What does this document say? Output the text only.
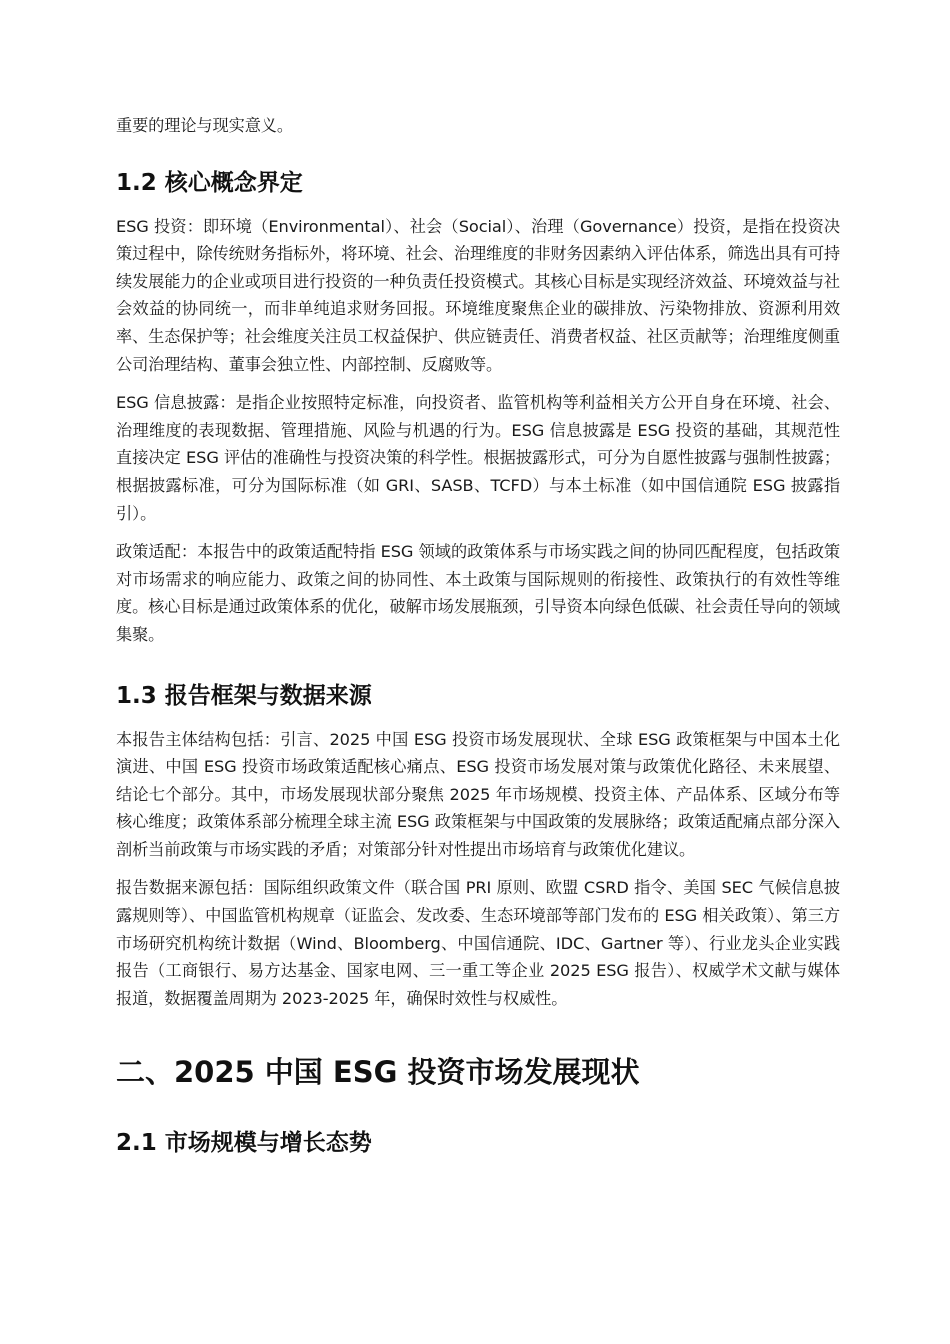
重要的理论与现实意义。

1.2 核心概念界定

ESG 投资：即环境（Environmental）、社会（Social）、治理（Governance）投资，是指在投资决策过程中，除传统财务指标外，将环境、社会、治理维度的非财务因素纳入评估体系，筛选出具有可持续发展能力的企业或项目进行投资的一种负责任投资模式。其核心目标是实现经济效益、环境效益与社会效益的协同统一，而非单纯追求财务回报。环境维度聚焦企业的碳排放、污染物排放、资源利用效率、生态保护等；社会维度关注员工权益保护、供应链责任、消费者权益、社区贡献等；治理维度侧重公司治理结构、董事会独立性、内部控制、反腐败等。

ESG 信息披露：是指企业按照特定标准，向投资者、监管机构等利益相关方公开自身在环境、社会、治理维度的表现数据、管理措施、风险与机遇的行为。ESG 信息披露是 ESG 投资的基础，其规范性直接决定 ESG 评估的准确性与投资决策的科学性。根据披露形式，可分为自愿性披露与强制性披露；根据披露标准，可分为国际标准（如 GRI、SASB、TCFD）与本土标准（如中国信通院 ESG 披露指引）。

政策适配：本报告中的政策适配特指 ESG 领域的政策体系与市场实践之间的协同匹配程度，包括政策对市场需求的响应能力、政策之间的协同性、本土政策与国际规则的衔接性、政策执行的有效性等维度。核心目标是通过政策体系的优化，破解市场发展瓶颈，引导资本向绿色低碳、社会责任导向的领域集聚。

1.3 报告框架与数据来源

本报告主体结构包括：引言、2025 中国 ESG 投资市场发展现状、全球 ESG 政策框架与中国本土化演进、中国 ESG 投资市场政策适配核心痛点、ESG 投资市场发展对策与政策优化路径、未来展望、结论七个部分。其中，市场发展现状部分聚焦 2025 年市场规模、投资主体、产品体系、区域分布等核心维度；政策体系部分梳理全球主流 ESG 政策框架与中国政策的发展脉络；政策适配痛点部分深入剖析当前政策与市场实践的矛盾；对策部分针对性提出市场培育与政策优化建议。

报告数据来源包括：国际组织政策文件（联合国 PRI 原则、欧盟 CSRD 指令、美国 SEC 气候信息披露规则等）、中国监管机构规章（证监会、发改委、生态环境部等部门发布的 ESG 相关政策）、第三方市场研究机构统计数据（Wind、Bloomberg、中国信通院、IDC、Gartner 等）、行业龙头企业实践报告（工商银行、易方达基金、国家电网、三一重工等企业 2025 ESG 报告）、权威学术文献与媒体报道，数据覆盖周期为 2023-2025 年，确保时效性与权威性。

二、2025 中国 ESG 投资市场发展现状
2.1 市场规模与增长态势
